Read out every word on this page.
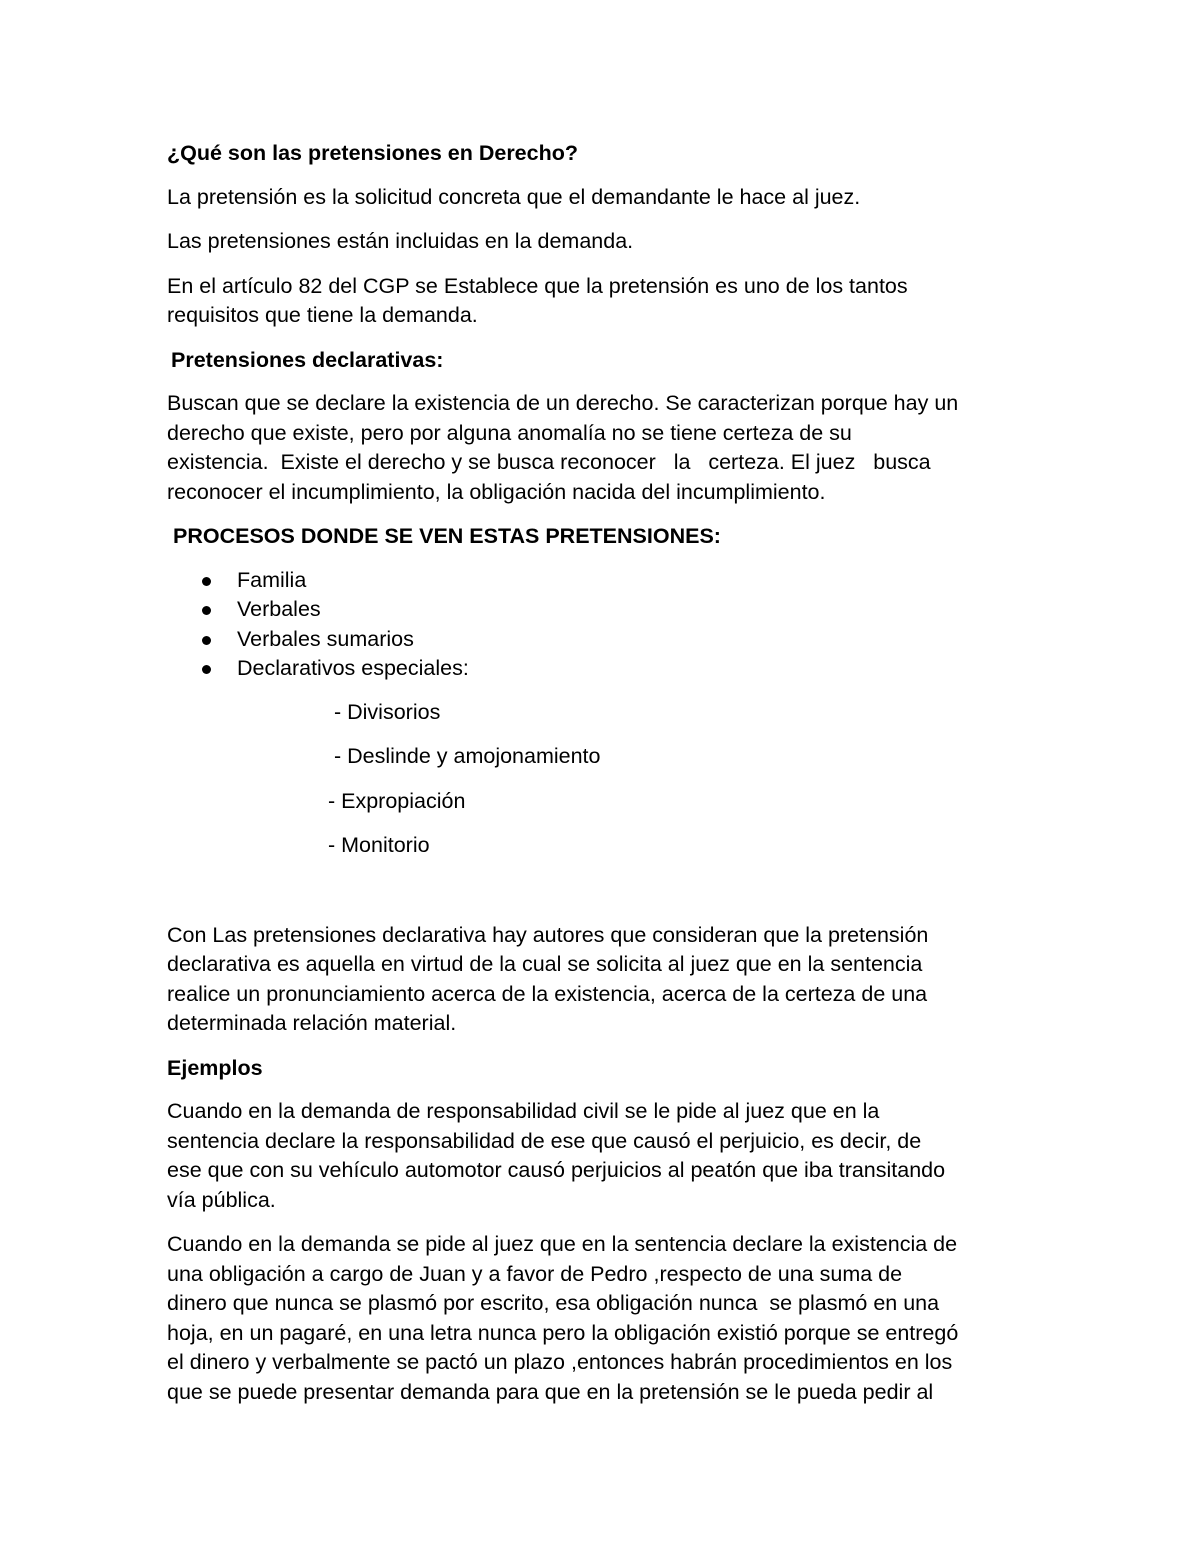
¿Qué son las pretensiones en Derecho?

La pretensión es la solicitud concreta que el demandante le hace al juez.

Las pretensiones están incluidas en la demanda.

En el artículo 82 del CGP se Establece que la pretensión es uno de los tantos
requisitos que tiene la demanda.

Pretensiones declarativas:

Buscan que se declare la existencia de un derecho. Se caracterizan porque hay un
derecho que existe, pero por alguna anomalía no se tiene certeza de su
existencia.  Existe el derecho y se busca reconocer   la   certeza. El juez   busca
reconocer el incumplimiento, la obligación nacida del incumplimiento.

PROCESOS DONDE SE VEN ESTAS PRETENSIONES:

Familia
Verbales
Verbales sumarios
Declarativos especiales:

- Divisorios

- Deslinde y amojonamiento

- Expropiación

- Monitorio

Con Las pretensiones declarativa hay autores que consideran que la pretensión
declarativa es aquella en virtud de la cual se solicita al juez que en la sentencia
realice un pronunciamiento acerca de la existencia, acerca de la certeza de una
determinada relación material.

Ejemplos

Cuando en la demanda de responsabilidad civil se le pide al juez que en la
sentencia declare la responsabilidad de ese que causó el perjuicio, es decir, de
ese que con su vehículo automotor causó perjuicios al peatón que iba transitando
vía pública.

Cuando en la demanda se pide al juez que en la sentencia declare la existencia de
una obligación a cargo de Juan y a favor de Pedro ,respecto de una suma de
dinero que nunca se plasmó por escrito, esa obligación nunca  se plasmó en una
hoja, en un pagaré, en una letra nunca pero la obligación existió porque se entregó
el dinero y verbalmente se pactó un plazo ,entonces habrán procedimientos en los
que se puede presentar demanda para que en la pretensión se le pueda pedir al
